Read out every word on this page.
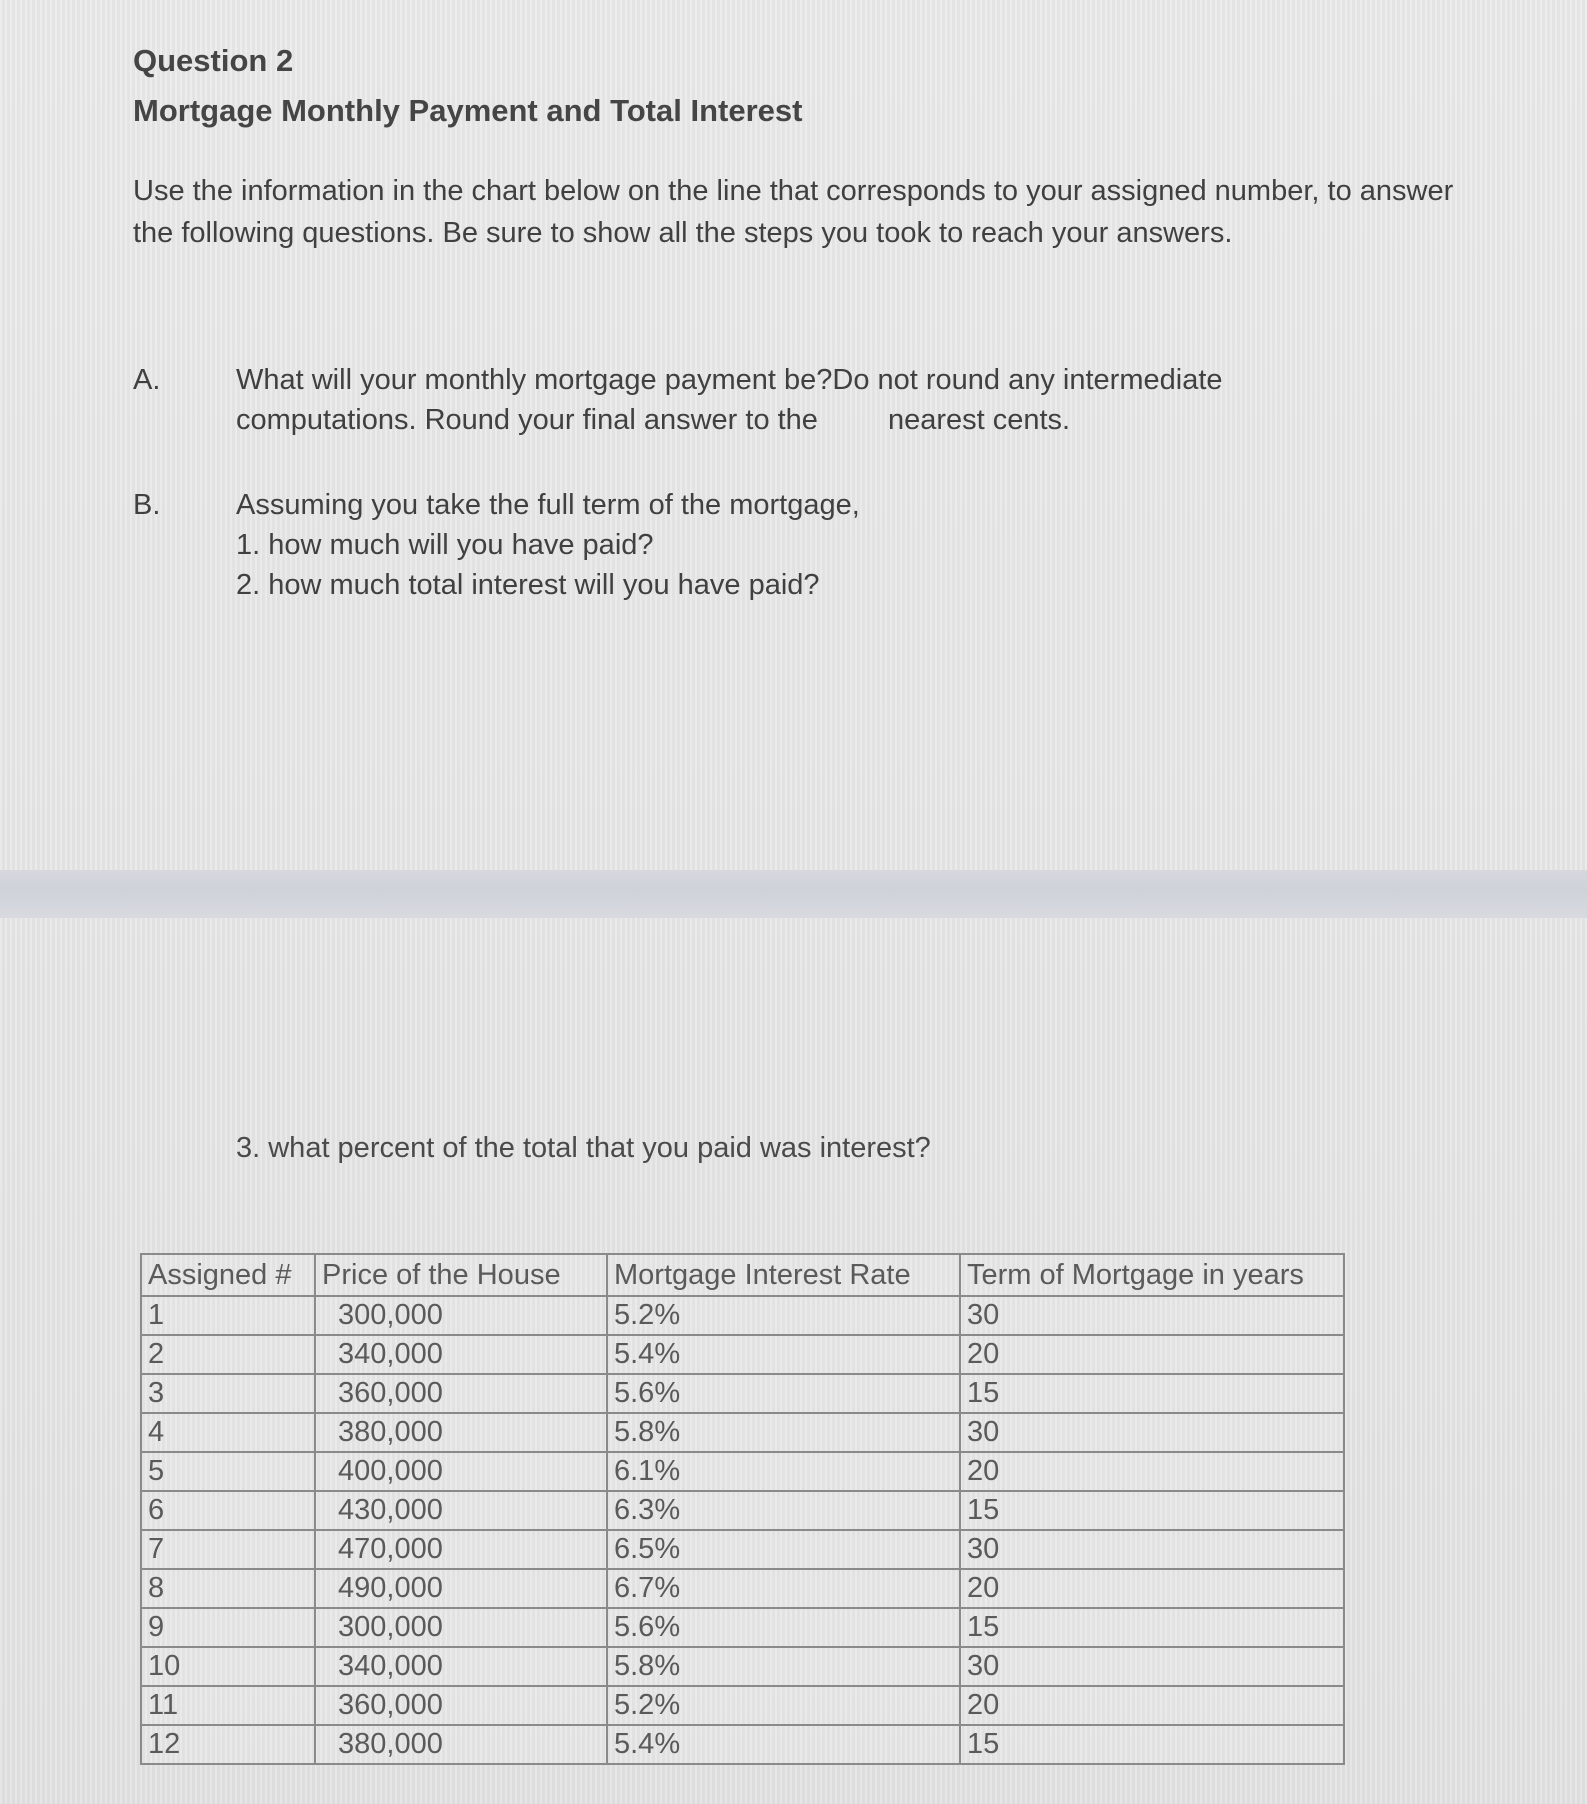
Question 2
Mortgage Monthly Payment and Total Interest
Use the information in the chart below on the line that corresponds to your assigned number, to answer the following questions. Be sure to show all the steps you took to reach your answers.
A.	What will your monthly mortgage payment be?Do not round any intermediate
computations. Round your final answer to the nearest cents.
B.	Assuming you take the full term of the mortgage,
1. how much will you have paid?
2. how much total interest will you have paid?
3. what percent of the total that you paid was interest?
Assigned #	Price of the House	Mortgage Interest Rate	Term of Mortgage in years
1	300,000	5.2%	30
2	340,000	5.4%	20
3	360,000	5.6%	15
4	380,000	5.8%	30
5	400,000	6.1%	20
6	430,000	6.3%	15
7	470,000	6.5%	30
8	490,000	6.7%	20
9	300,000	5.6%	15
10	340,000	5.8%	30
11	360,000	5.2%	20
12	380,000	5.4%	15
